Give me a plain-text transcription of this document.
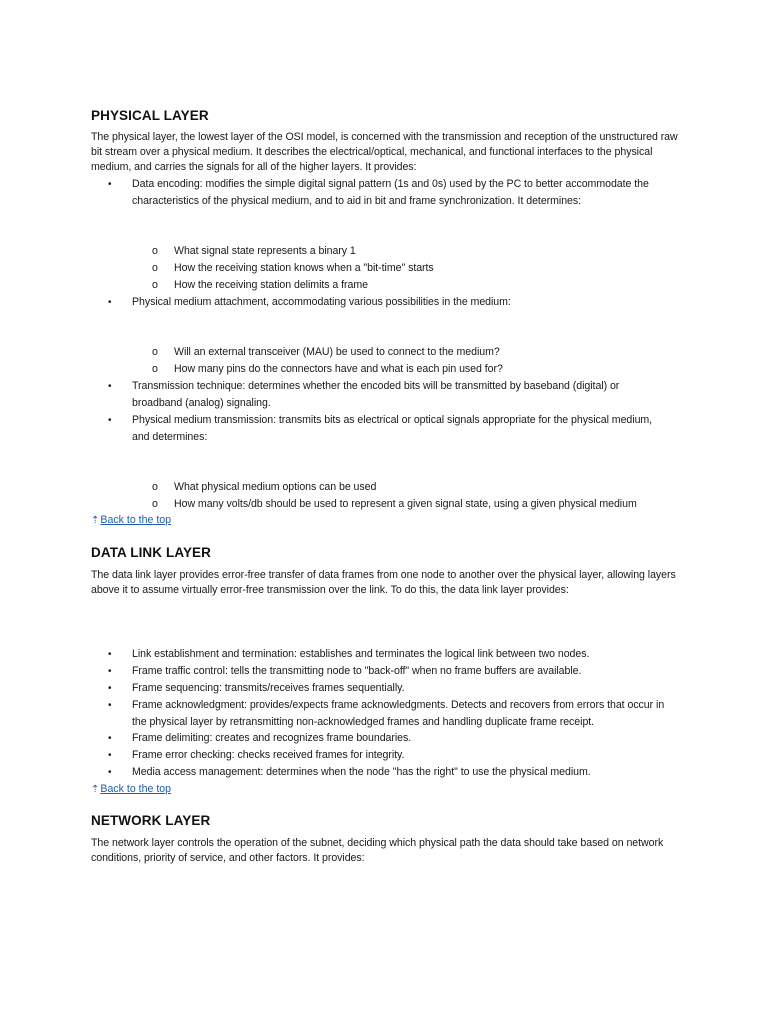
PHYSICAL LAYER
The physical layer, the lowest layer of the OSI model, is concerned with the transmission and reception of the unstructured raw bit stream over a physical medium. It describes the electrical/optical, mechanical, and functional interfaces to the physical medium, and carries the signals for all of the higher layers. It provides:
• Data encoding: modifies the simple digital signal pattern (1s and 0s) used by the PC to better accommodate the characteristics of the physical medium, and to aid in bit and frame synchronization. It determines:
o What signal state represents a binary 1
o How the receiving station knows when a "bit-time" starts
o How the receiving station delimits a frame
• Physical medium attachment, accommodating various possibilities in the medium:
o Will an external transceiver (MAU) be used to connect to the medium?
o How many pins do the connectors have and what is each pin used for?
• Transmission technique: determines whether the encoded bits will be transmitted by baseband (digital) or broadband (analog) signaling.
• Physical medium transmission: transmits bits as electrical or optical signals appropriate for the physical medium, and determines:
o What physical medium options can be used
o How many volts/db should be used to represent a given signal state, using a given physical medium
⇡Back to the top
DATA LINK LAYER
The data link layer provides error-free transfer of data frames from one node to another over the physical layer, allowing layers above it to assume virtually error-free transmission over the link. To do this, the data link layer provides:
• Link establishment and termination: establishes and terminates the logical link between two nodes.
• Frame traffic control: tells the transmitting node to "back-off" when no frame buffers are available.
• Frame sequencing: transmits/receives frames sequentially.
• Frame acknowledgment: provides/expects frame acknowledgments. Detects and recovers from errors that occur in the physical layer by retransmitting non-acknowledged frames and handling duplicate frame receipt.
• Frame delimiting: creates and recognizes frame boundaries.
• Frame error checking: checks received frames for integrity.
• Media access management: determines when the node "has the right" to use the physical medium.
⇡Back to the top
NETWORK LAYER
The network layer controls the operation of the subnet, deciding which physical path the data should take based on network conditions, priority of service, and other factors. It provides:
